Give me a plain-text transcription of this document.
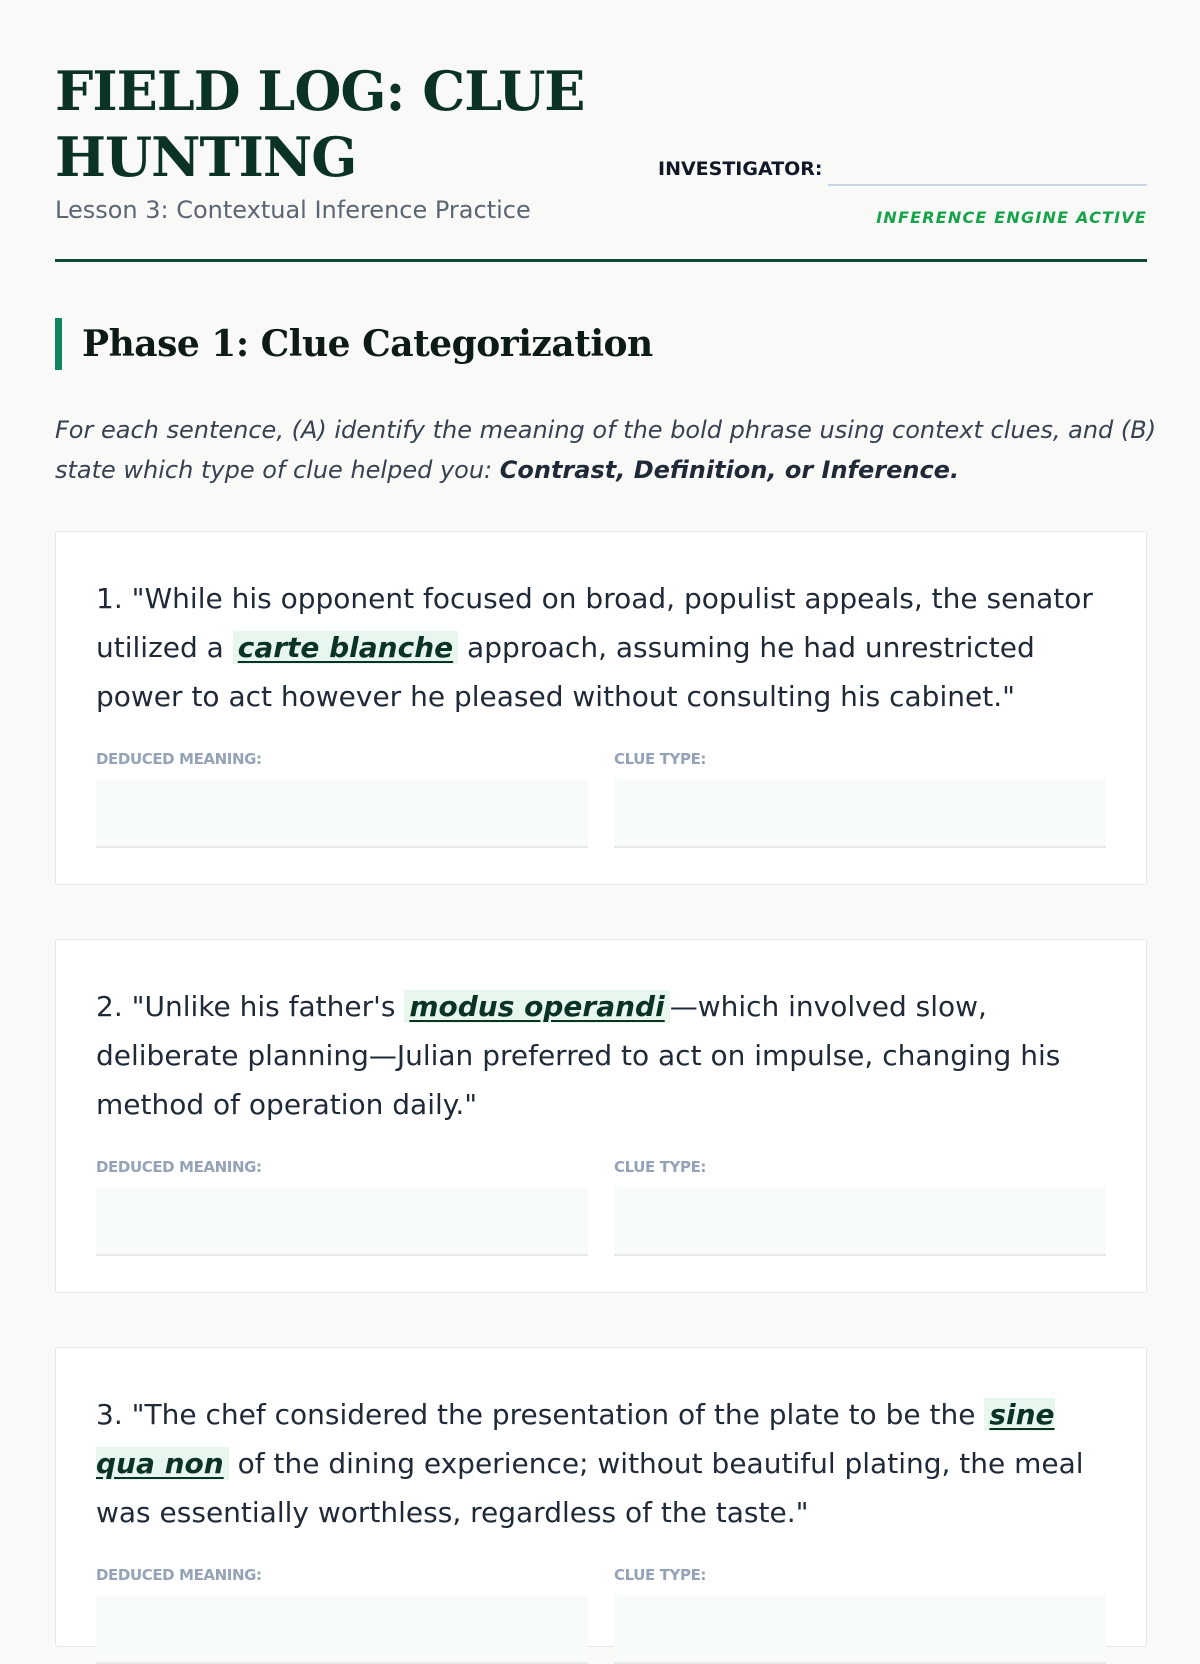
FIELD LOG: CLUE HUNTING
Lesson 3: Contextual Inference Practice
INVESTIGATOR:
INFERENCE ENGINE ACTIVE
Phase 1: Clue Categorization

For each sentence, (A) identify the meaning of the bold phrase using context clues, and (B) state which type of clue helped you: Contrast, Definition, or Inference.

1. "While his opponent focused on broad, populist appeals, the senator utilized a carte blanche approach, assuming he had unrestricted power to act however he pleased without consulting his cabinet."

DEDUCED MEANING:	CLUE TYPE:

2. "Unlike his father's modus operandi —which involved slow, deliberate planning—Julian preferred to act on impulse, changing his method of operation daily."

DEDUCED MEANING:	CLUE TYPE:

3. "The chef considered the presentation of the plate to be the sine qua non of the dining experience; without beautiful plating, the meal was essentially worthless, regardless of the taste."

DEDUCED MEANING:	CLUE TYPE:
